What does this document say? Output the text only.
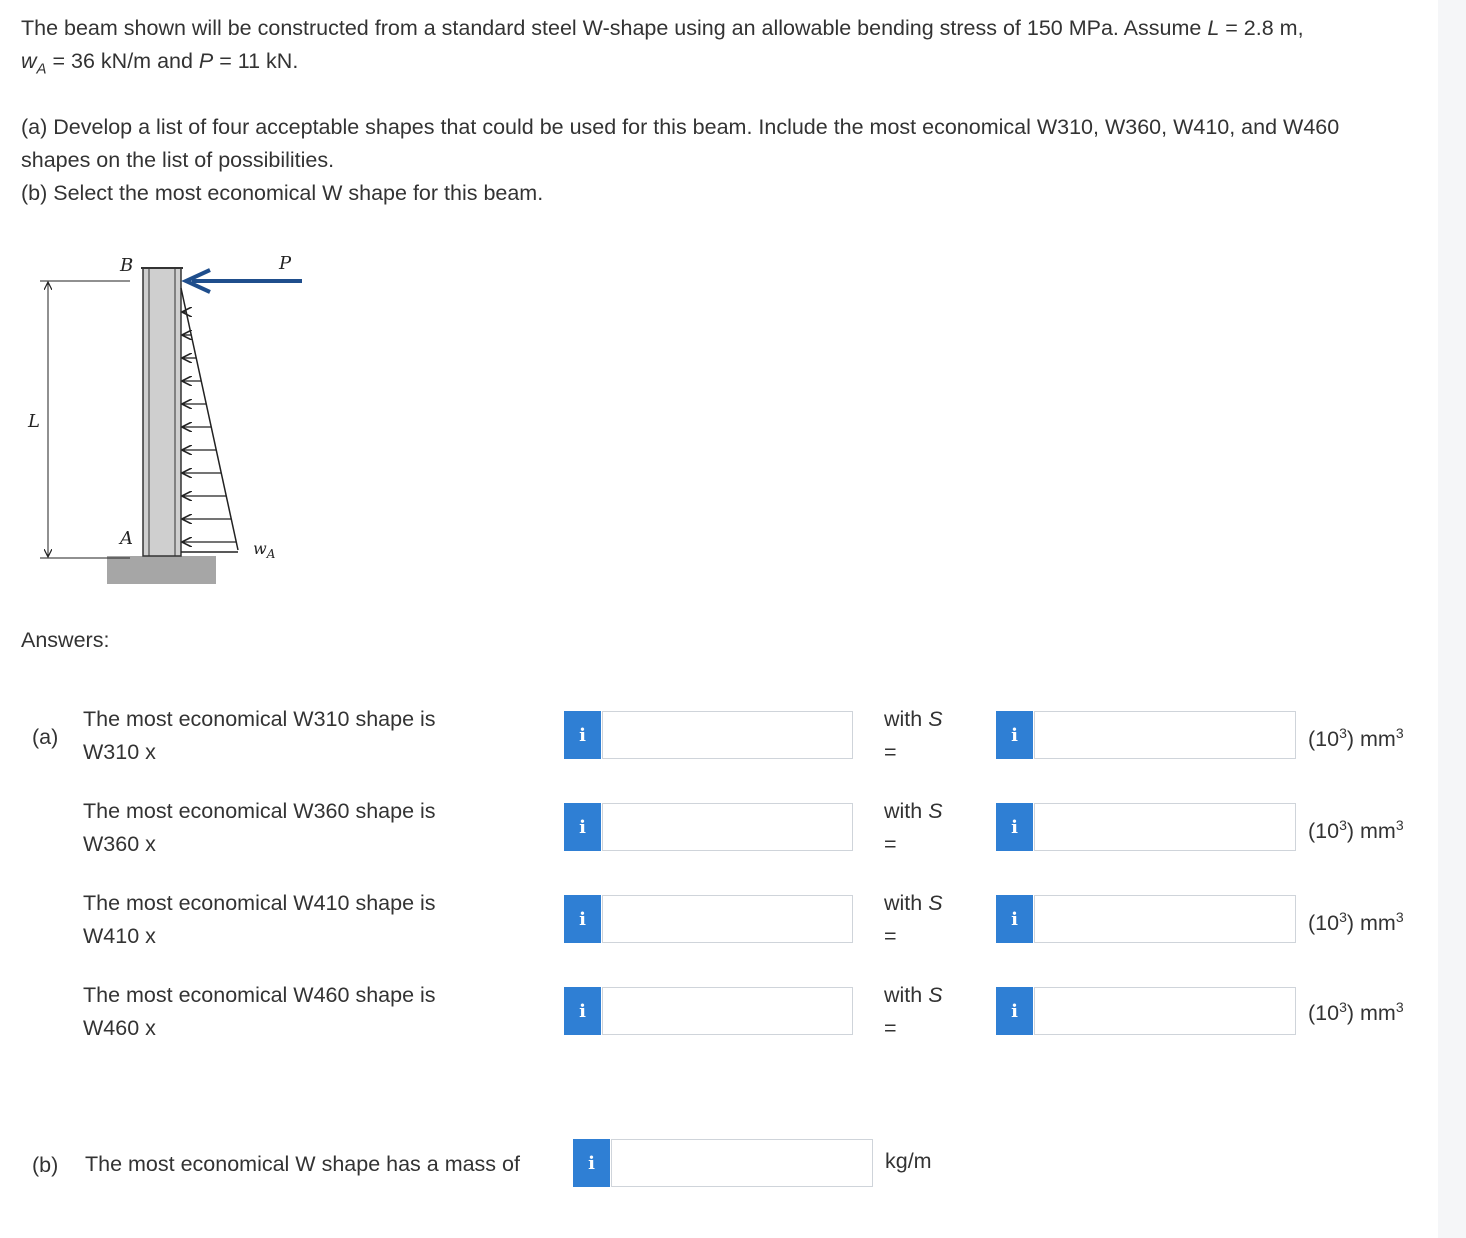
The beam shown will be constructed from a standard steel W-shape using an allowable bending stress of 150 MPa. Assume L = 2.8 m,
$w_A = 36$ kN/m and P = 11 kN.

(a) Develop a list of four acceptable shapes that could be used for this beam. Include the most economical W310, W360, W410, and W460 shapes on the list of possibilities.

(b) Select the most economical W shape for this beam.

B	P
L
A	$w_A$
Answers:
(a)
The most economical W310 shape is
W310 x
i
with S
=
i	$(10^3)$ $mm^3$
The most economical W360 shape is
W360 x
i
with S
=
i	$(10^3)$ $mm^3$
The most economical W410 shape is
W410 x
i
with S
=
i	$(10^3)$ $mm^3$
The most economical W460 shape is
W460 x
i
with S
=
i	$(10^3)$ $mm^3$
(b) The most economical W shape has a mass of	i	kg/m
